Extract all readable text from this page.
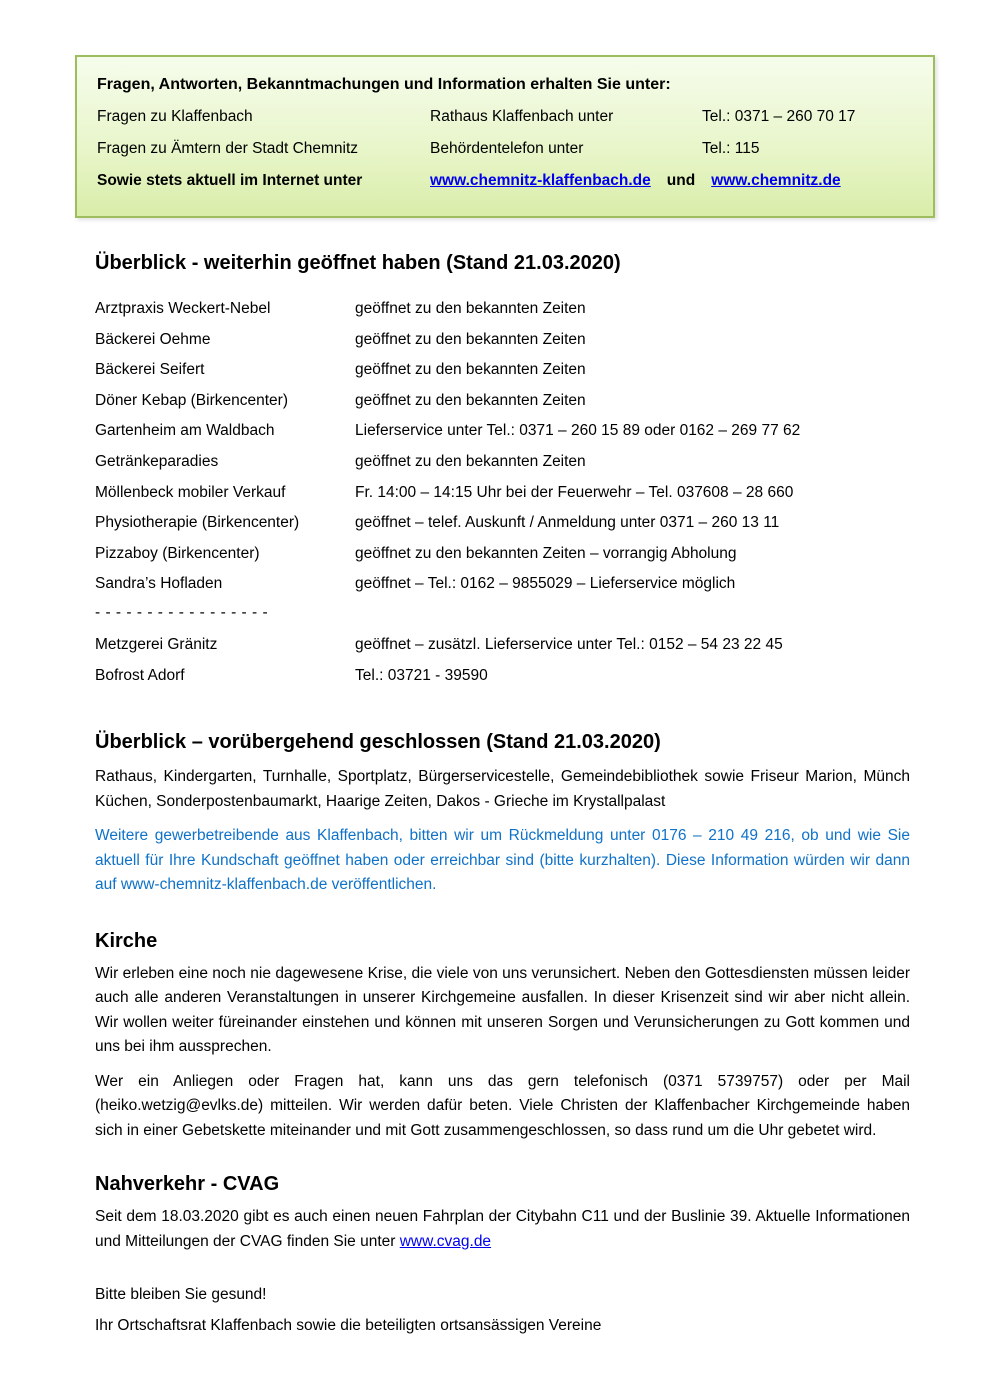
Fragen, Antworten, Bekanntmachungen und Information erhalten Sie unter:
Fragen zu Klaffenbach	Rathaus Klaffenbach unter	Tel.: 0371 – 260 70 17
Fragen zu Ämtern der Stadt Chemnitz	Behördentelefon unter	Tel.: 115
Sowie stets aktuell im Internet unter	www.chemnitz-klaffenbach.de und www.chemnitz.de
Überblick - weiterhin geöffnet haben (Stand 21.03.2020)
Arztpraxis Weckert-Nebel	geöffnet zu den bekannten Zeiten
Bäckerei Oehme	geöffnet zu den bekannten Zeiten
Bäckerei Seifert	geöffnet zu den bekannten Zeiten
Döner Kebap (Birkencenter)	geöffnet zu den bekannten Zeiten
Gartenheim am Waldbach	Lieferservice unter Tel.: 0371 – 260 15 89 oder 0162 – 269 77 62
Getränkeparadies	geöffnet zu den bekannten Zeiten
Möllenbeck mobiler Verkauf	Fr. 14:00 – 14:15 Uhr bei der Feuerwehr – Tel. 037608 – 28 660
Physiotherapie (Birkencenter)	geöffnet – telef. Auskunft / Anmeldung unter 0371 – 260 13 11
Pizzaboy (Birkencenter)	geöffnet zu den bekannten Zeiten – vorrangig Abholung
Sandra’s Hofladen	geöffnet – Tel.: 0162 – 9855029 – Lieferservice möglich
- - - - - - - - - - - - - - - - -
Metzgerei Gränitz	geöffnet – zusätzl. Lieferservice unter Tel.: 0152 – 54 23 22 45
Bofrost Adorf	Tel.: 03721 - 39590
Überblick – vorübergehend geschlossen (Stand 21.03.2020)

Rathaus, Kindergarten, Turnhalle, Sportplatz, Bürgerservicestelle, Gemeindebibliothek sowie Friseur Marion, Münch Küchen, Sonderpostenbaumarkt, Haarige Zeiten, Dakos - Grieche im Krystallpalast

Weitere gewerbetreibende aus Klaffenbach, bitten wir um Rückmeldung unter 0176 – 210 49 216, ob und wie Sie aktuell für Ihre Kundschaft geöffnet haben oder erreichbar sind (bitte kurzhalten). Diese Information würden wir dann auf www-chemnitz-klaffenbach.de veröffentlichen.

Kirche

Wir erleben eine noch nie dagewesene Krise, die viele von uns verunsichert. Neben den Gottesdiensten müssen leider auch alle anderen Veranstaltungen in unserer Kirchgemeine ausfallen. In dieser Krisenzeit sind wir aber nicht allein. Wir wollen weiter füreinander einstehen und können mit unseren Sorgen und Verunsicherungen zu Gott kommen und uns bei ihm aussprechen.

Wer ein Anliegen oder Fragen hat, kann uns das gern telefonisch (0371 5739757) oder per Mail (heiko.wetzig@evlks.de) mitteilen. Wir werden dafür beten. Viele Christen der Klaffenbacher Kirchgemeinde haben sich in einer Gebetskette miteinander und mit Gott zusammengeschlossen, so dass rund um die Uhr gebetet wird.

Nahverkehr - CVAG

Seit dem 18.03.2020 gibt es auch einen neuen Fahrplan der Citybahn C11 und der Buslinie 39. Aktuelle Informationen und Mitteilungen der CVAG finden Sie unter www.cvag.de

Bitte bleiben Sie gesund!
Ihr Ortschaftsrat Klaffenbach sowie die beteiligten ortsansässigen Vereine
